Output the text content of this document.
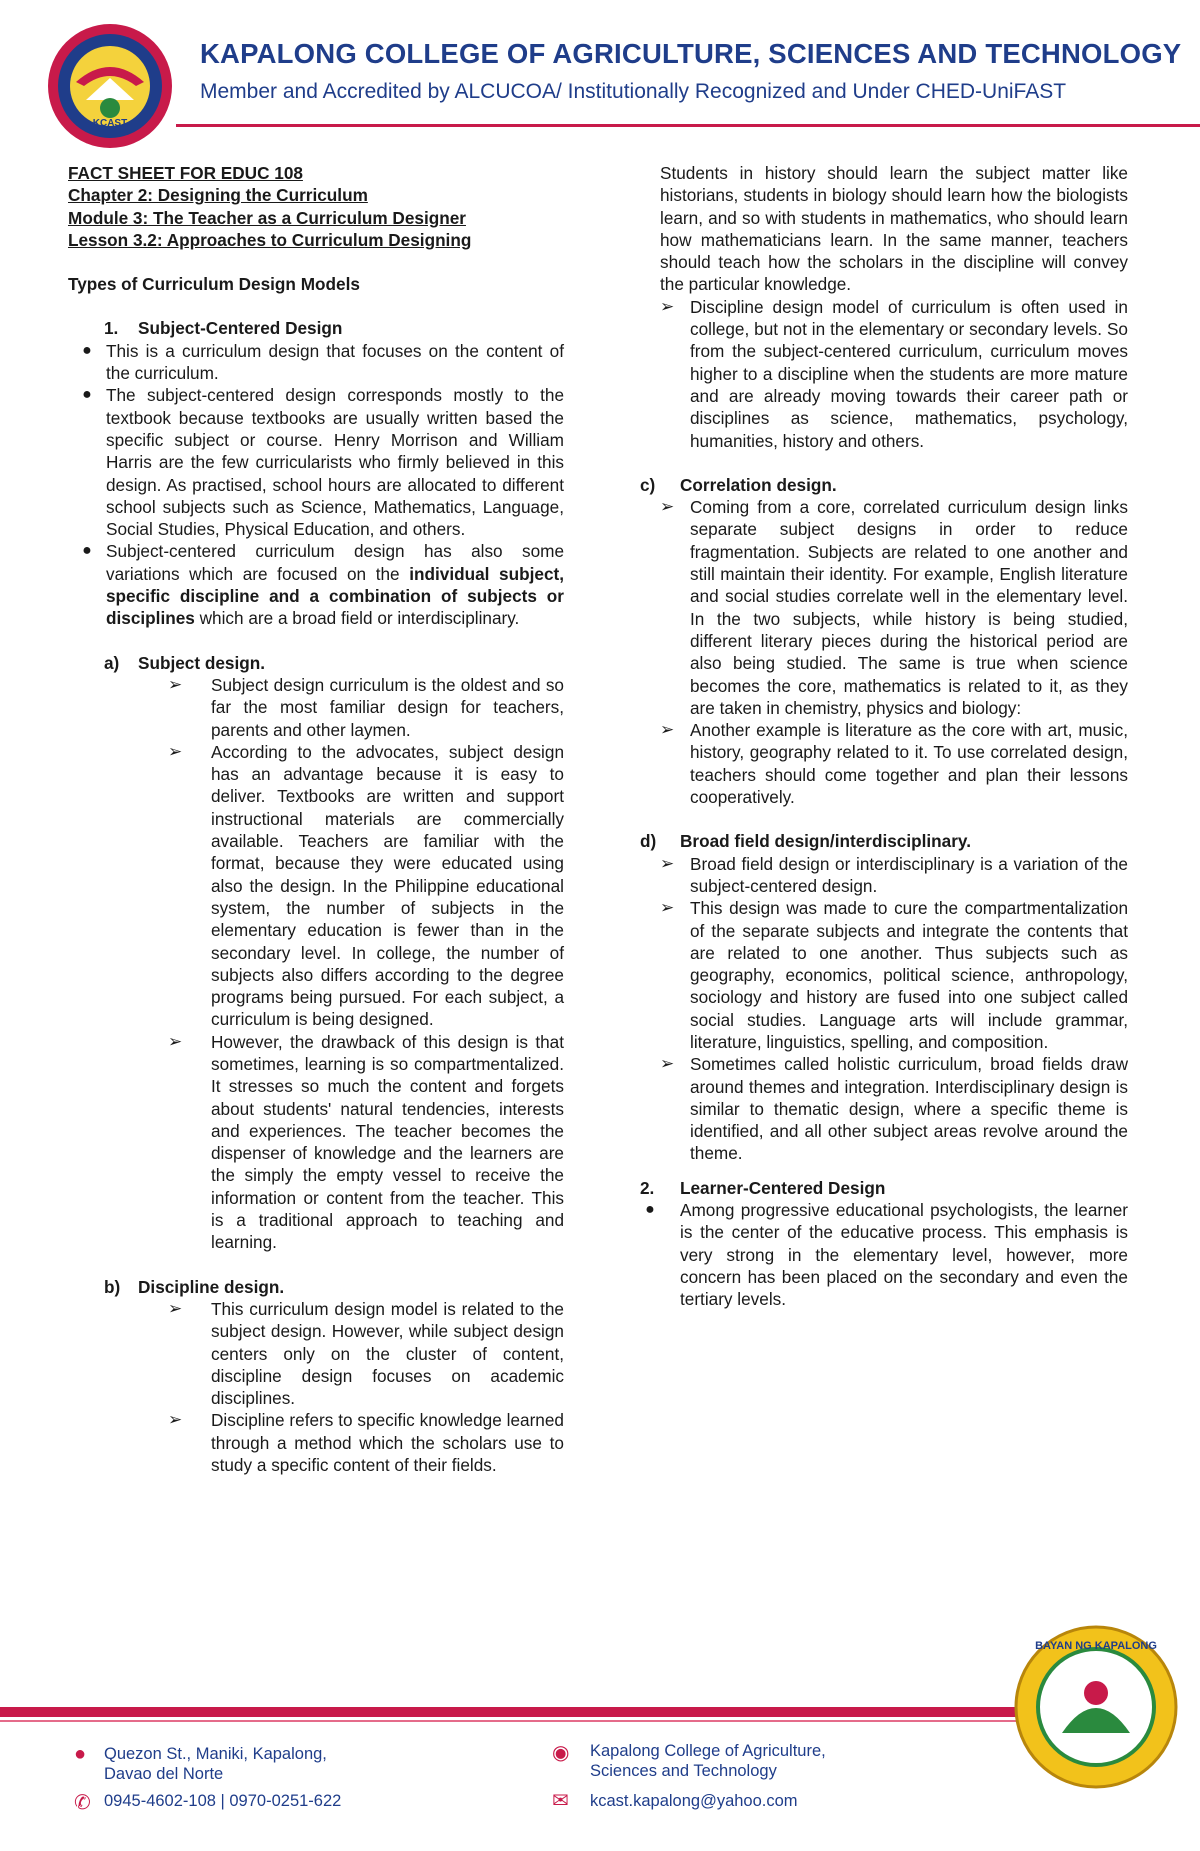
KCAST
KAPALONG COLLEGE OF AGRICULTURE, SCIENCES AND TECHNOLOGY
Member and Accredited by ALCUCOA/ Institutionally Recognized and Under CHED-UniFAST

FACT SHEET FOR EDUC 108

Chapter 2: Designing the Curriculum

Module 3: The Teacher as a Curriculum Designer

Lesson 3.2: Approaches to Curriculum Designing

Types of Curriculum Design Models

1. Subject-Centered Design

● This is a curriculum design that focuses on the content of the curriculum.

● The subject-centered design corresponds mostly to the textbook because textbooks are usually written based the specific subject or course. Henry Morrison and William Harris are the few curricularists who firmly believed in this design. As practised, school hours are allocated to different school subjects such as Science, Mathematics, Language, Social Studies, Physical Education, and others.

● Subject-centered curriculum design has also some variations which are focused on the individual subject, specific discipline and a combination of subjects or disciplines which are a broad field or interdisciplinary.

a) Subject design.

➢ Subject design curriculum is the oldest and so far the most familiar design for teachers, parents and other laymen.

➢ According to the advocates, subject design has an advantage because it is easy to deliver. Textbooks are written and support instructional materials are commercially available. Teachers are familiar with the format, because they were educated using also the design. In the Philippine educational system, the number of subjects in the elementary education is fewer than in the secondary level. In college, the number of subjects also differs according to the degree programs being pursued. For each subject, a curriculum is being designed.

➢ However, the drawback of this design is that sometimes, learning is so compartmentalized. It stresses so much the content and forgets about students' natural tendencies, interests and experiences. The teacher becomes the dispenser of knowledge and the learners are the simply the empty vessel to receive the information or content from the teacher. This is a traditional approach to teaching and learning.

b) Discipline design.

➢ This curriculum design model is related to the subject design. However, while subject design centers only on the cluster of content, discipline design focuses on academic disciplines.

➢ Discipline refers to specific knowledge learned through a method which the scholars use to study a specific content of their fields.

Students in history should learn the subject matter like historians, students in biology should learn how the biologists learn, and so with students in mathematics, who should learn how mathematicians learn. In the same manner, teachers should teach how the scholars in the discipline will convey the particular knowledge.

➢ Discipline design model of curriculum is often used in college, but not in the elementary or secondary levels. So from the subject-centered curriculum, curriculum moves higher to a discipline when the students are more mature and are already moving towards their career path or disciplines as science, mathematics, psychology, humanities, history and others.

c) Correlation design.

➢ Coming from a core, correlated curriculum design links separate subject designs in order to reduce fragmentation. Subjects are related to one another and still maintain their identity. For example, English literature and social studies correlate well in the elementary level. In the two subjects, while history is being studied, different literary pieces during the historical period are also being studied. The same is true when science becomes the core, mathematics is related to it, as they are taken in chemistry, physics and biology:

➢ Another example is literature as the core with art, music, history, geography related to it. To use correlated design, teachers should come together and plan their lessons cooperatively.

d) Broad field design/interdisciplinary.

➢ Broad field design or interdisciplinary is a variation of the subject-centered design.

➢ This design was made to cure the compartmentalization of the separate subjects and integrate the contents that are related to one another. Thus subjects such as geography, economics, political science, anthropology, sociology and history are fused into one subject called social studies. Language arts will include grammar, literature, linguistics, spelling, and composition.

➢ Sometimes called holistic curriculum, broad fields draw around themes and integration. Interdisciplinary design is similar to thematic design, where a specific theme is identified, and all other subject areas revolve around the theme.

2. Learner-Centered Design

●	Among progressive educational psychologists, the learner is the center of the educative process. This emphasis is very strong in the elementary level, however, more concern has been placed on the secondary and even the tertiary levels.

BAYAN NG KAPALONG
● Quezon St., Maniki, Kapalong,
Davao del Norte
✆ 0945-4602-108 | 0970-0251-622
◉ Kapalong College of Agriculture,
Sciences and Technology
✉ kcast.kapalong@yahoo.com
